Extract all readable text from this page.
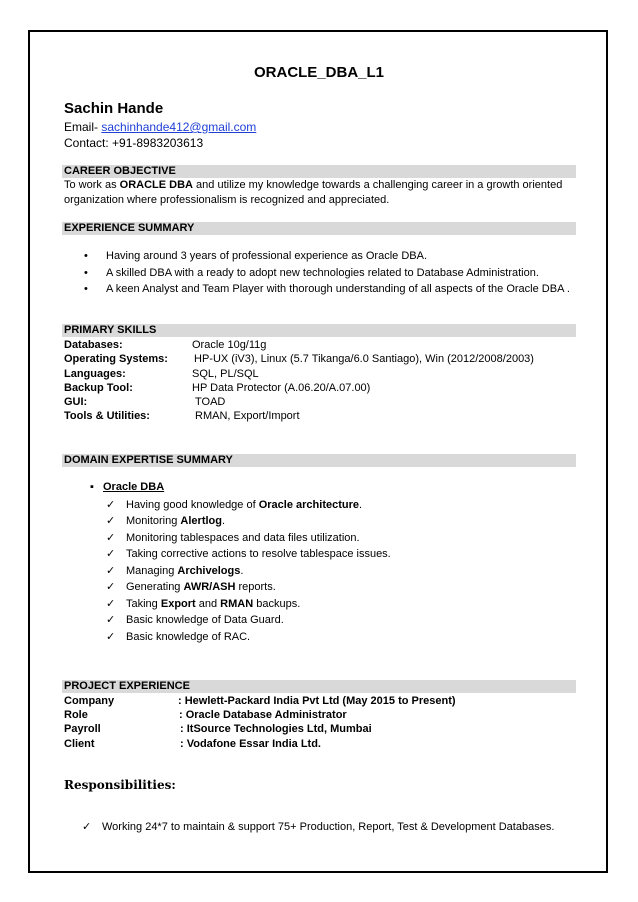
ORACLE_DBA_L1
Sachin Hande
Email- sachinhande412@gmail.com
Contact: +91-8983203613
CAREER OBJECTIVE
To work as ORACLE DBA and utilize my knowledge towards a challenging career in a growth oriented
organization where professionalism is recognized and appreciated.
EXPERIENCE SUMMARY
• Having around 3 years of professional experience as Oracle DBA.
• A skilled DBA with a ready to adopt new technologies related to Database Administration.
• A keen Analyst and Team Player with thorough understanding of all aspects of the Oracle DBA .
PRIMARY SKILLS
Databases:	Oracle 10g/11g
Operating Systems: HP-UX (iV3), Linux (5.7 Tikanga/6.0 Santiago), Win (2012/2008/2003)
Languages:	SQL, PL/SQL
Backup Tool:	HP Data Protector (A.06.20/A.07.00)
GUI:	TOAD
Tools & Utilities:	RMAN, Export/Import
DOMAIN EXPERTISE SUMMARY
▪ Oracle DBA
✓ Having good knowledge of Oracle architecture.
✓ Monitoring Alertlog.
✓ Monitoring tablespaces and data files utilization.
✓ Taking corrective actions to resolve tablespace issues.
✓ Managing Archivelogs.
✓ Generating AWR/ASH reports.
✓ Taking Export and RMAN backups.
✓ Basic knowledge of Data Guard.
✓ Basic knowledge of RAC.
PROJECT EXPERIENCE
Company	: Hewlett-Packard India Pvt Ltd (May 2015 to Present)
Role	: Oracle Database Administrator
Payroll	: ItSource Technologies Ltd, Mumbai
Client	: Vodafone Essar India Ltd.
Responsibilities:
✓ Working 24*7 to maintain & support 75+ Production, Report, Test & Development Databases.
